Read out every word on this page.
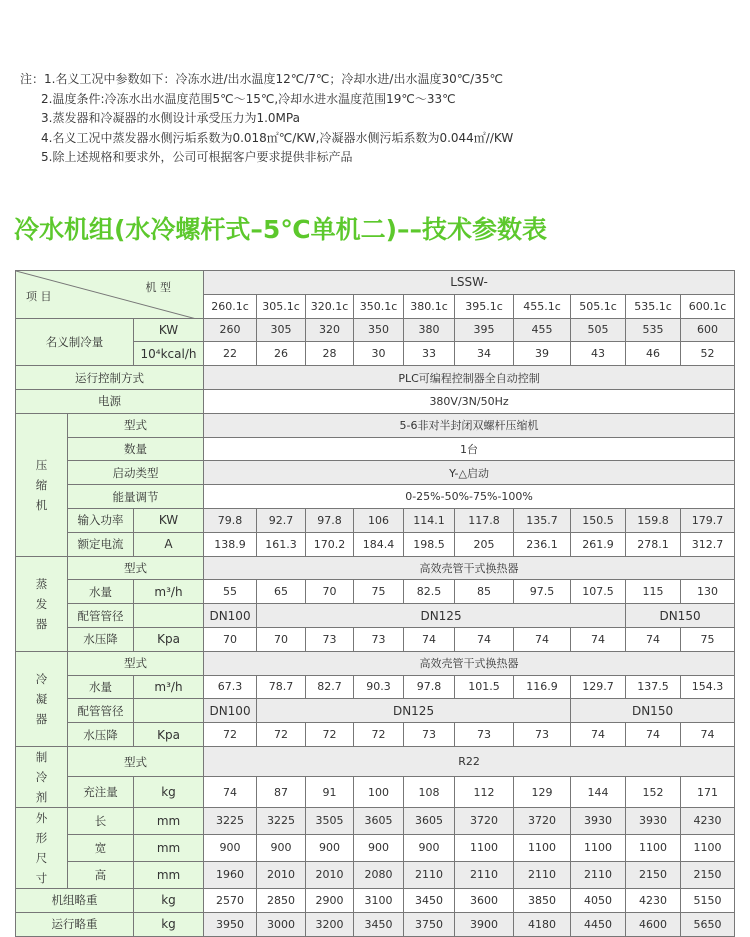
注：1.名义工况中参数如下：冷冻水进/出水温度12℃/7℃；冷却水进/出水温度30℃/35℃
2.温度条件:冷冻水出水温度范围5℃～15℃,冷却水进水温度范围19℃～33℃
3.蒸发器和冷凝器的水侧设计承受压力为1.0MPa
4.名义工况中蒸发器水侧污垢系数为0.018㎡℃/KW,冷凝器水侧污垢系数为0.044㎡//KW
5.除上述规格和要求外，公司可根据客户要求提供非标产品
冷水机组(水冷螺杆式–5℃单机二)––技术参数表
机 型
项 目			LSSW-									
			260.1c	305.1c	320.1c	350.1c	380.1c	395.1c	455.1c	505.1c	535.1c	600.1c
名义制冷量		KW	260	305	320	350	380	395	455	505	535	600
		10⁴kcal/h	22	26	28	30	33	34	39	43	46	52
运行控制方式			PLC可编程控制器全自动控制									
电源			380V/3N/50Hz									
压缩机	型式		5-6非对半封闭双螺杆压缩机									
	数量		1台									
	启动类型		Y-△启动									
	能量调节		0-25%-50%-75%-100%									
	输入功率	KW	79.8	92.7	97.8	106	114.1	117.8	135.7	150.5	159.8	179.7
	额定电流	A	138.9	161.3	170.2	184.4	198.5	205	236.1	261.9	278.1	312.7
蒸发器	型式		高效壳管干式换热器									
	水量	m³/h	55	65	70	75	82.5	85	97.5	107.5	115	130
	配管管径		DN100	DN125							DN150	
	水压降	Kpa	70	70	73	73	74	74	74	74	74	75
冷凝器	型式		高效壳管干式换热器									
	水量	m³/h	67.3	78.7	82.7	90.3	97.8	101.5	116.9	129.7	137.5	154.3
	配管管径		DN100	DN125						DN150		
	水压降	Kpa	72	72	72	72	73	73	73	74	74	74
制冷剂	型式		R22									
	充注量	kg	74	87	91	100	108	112	129	144	152	171
外形尺寸	长	mm	3225	3225	3505	3605	3605	3720	3720	3930	3930	4230
	宽	mm	900	900	900	900	900	1100	1100	1100	1100	1100
	高	mm	1960	2010	2010	2080	2110	2110	2110	2110	2150	2150
机组略重		kg	2570	2850	2900	3100	3450	3600	3850	4050	4230	5150
运行略重		kg	3950	3000	3200	3450	3750	3900	4180	4450	4600	5650
